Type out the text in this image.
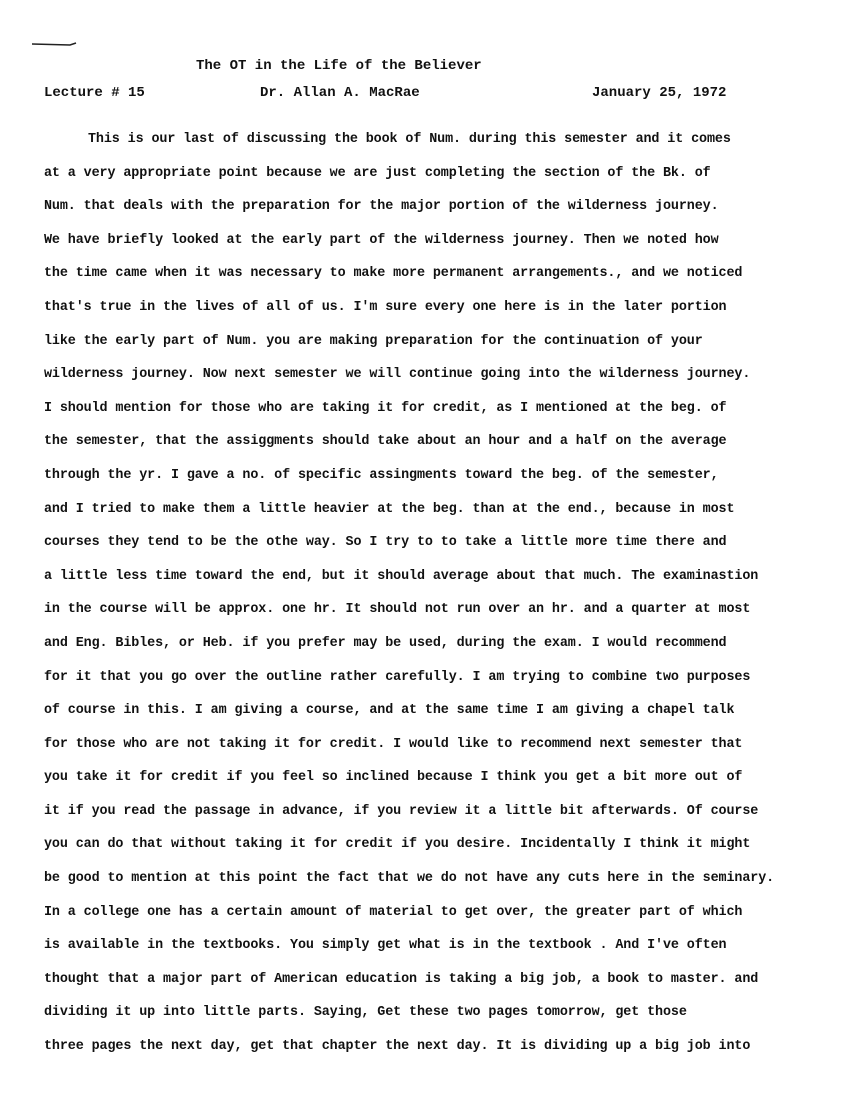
The OT in the Life of the Believer
Lecture # 15	Dr. Allan A. MacRae	January 25, 1972
This is our last of discussing the book of Num. during this semester and it comes
at a very appropriate point because we are just completing the section of the Bk. of
Num. that deals with the preparation for the major portion of the wilderness journey.
We have briefly looked at the early part of the wilderness journey. Then we noted how
the time came when it was necessary to make more permanent arrangements., and we noticed
that's true in the lives of all of us. I'm sure every one here is in the later portion
like the early part of Num. you are making preparation for the continuation of your
wilderness journey. Now next semester we will continue going into the wilderness journey.
I should mention for those who are taking it for credit, as I mentioned at the beg. of
the semester, that the assiggments should take about an hour and a half on the average
through the yr. I gave a no. of specific assingments toward the beg. of the semester,
and I tried to make them a little heavier at the beg. than at the end., because in most
courses they tend to be the othe way. So I try to to take a little more time there and
a little less time toward the end, but it should average about that much. The examinastion
in the course will be approx. one hr. It should not run over an hr. and a quarter at most
and Eng. Bibles, or Heb. if you prefer may be used, during the exam. I would recommend
for it that you go over the outline rather carefully. I am trying to combine two purposes
of course in this. I am giving a course, and at the same time I am giving a chapel talk
for those who are not taking it for credit. I would like to recommend next semester that
you take it for credit if you feel so inclined because I think you get a bit more out of
it if you read the passage in advance, if you review it a little bit afterwards. Of course
you can do that without taking it for credit if you desire. Incidentally I think it might
be good to mention at this point the fact that we do not have any cuts here in the seminary.
In a college one has a certain amount of material to get over, the greater part of which
is available in the textbooks. You simply get what is in the textbook . And I've often
thought that a major part of American education is taking a big job, a book to master. and
dividing it up into little parts. Saying, Get these two pages tomorrow, get those
three pages the next day, get that chapter the next day. It is dividing up a big job into
